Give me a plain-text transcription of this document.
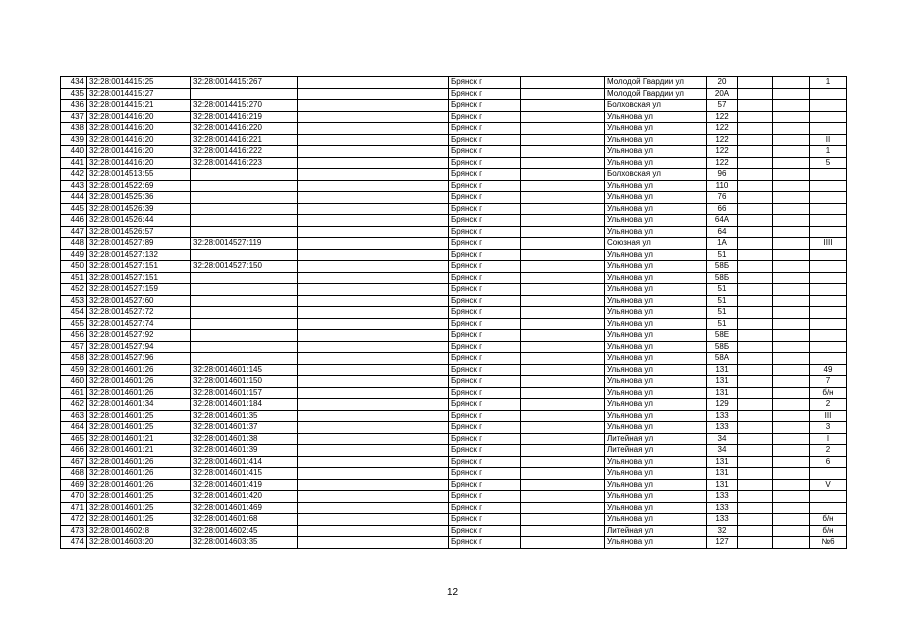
434	32:28:0014415:25	32:28:0014415:267		Брянск г		Молодой Гвардии ул	20			1
435	32:28:0014415:27			Брянск г		Молодой Гвардии ул	20А			
436	32:28:0014415:21	32:28:0014415:270		Брянск г		Болховская ул	57			
437	32:28:0014416:20	32:28:0014416:219		Брянск г		Ульянова ул	122			
438	32:28:0014416:20	32:28:0014416:220		Брянск г		Ульянова ул	122			
439	32:28:0014416:20	32:28:0014416:221		Брянск г		Ульянова ул	122			II
440	32:28:0014416:20	32:28:0014416:222		Брянск г		Ульянова ул	122			1
441	32:28:0014416:20	32:28:0014416:223		Брянск г		Ульянова ул	122			5
442	32:28:0014513:55			Брянск г		Болховская ул	96			
443	32:28:0014522:69			Брянск г		Ульянова ул	110			
444	32:28:0014525:36			Брянск г		Ульянова ул	76			
445	32:28:0014526:39			Брянск г		Ульянова ул	66			
446	32:28:0014526:44			Брянск г		Ульянова ул	64А			
447	32:28:0014526:57			Брянск г		Ульянова ул	64			
448	32:28:0014527:89	32:28:0014527:119		Брянск г		Союзная ул	1А			IIII
449	32:28:0014527:132			Брянск г		Ульянова ул	51			
450	32:28:0014527:151	32:28:0014527:150		Брянск г		Ульянова ул	58Б			
451	32:28:0014527:151			Брянск г		Ульянова ул	58Б			
452	32:28:0014527:159			Брянск г		Ульянова ул	51			
453	32:28:0014527:60			Брянск г		Ульянова ул	51			
454	32:28:0014527:72			Брянск г		Ульянова ул	51			
455	32:28:0014527:74			Брянск г		Ульянова ул	51			
456	32:28:0014527:92			Брянск г		Ульянова ул	58Е			
457	32:28:0014527:94			Брянск г		Ульянова ул	58Б			
458	32:28:0014527:96			Брянск г		Ульянова ул	58А			
459	32:28:0014601:26	32:28:0014601:145		Брянск г		Ульянова ул	131			49
460	32:28:0014601:26	32:28:0014601:150		Брянск г		Ульянова ул	131			7
461	32:28:0014601:26	32:28:0014601:157		Брянск г		Ульянова ул	131			б/н
462	32:28:0014601:34	32:28:0014601:184		Брянск г		Ульянова ул	129			2
463	32:28:0014601:25	32:28:0014601:35		Брянск г		Ульянова ул	133			III
464	32:28:0014601:25	32:28:0014601:37		Брянск г		Ульянова ул	133			3
465	32:28:0014601:21	32:28:0014601:38		Брянск г		Литейная ул	34			I
466	32:28:0014601:21	32:28:0014601:39		Брянск г		Литейная ул	34			2
467	32:28:0014601:26	32:28:0014601:414		Брянск г		Ульянова ул	131			6
468	32:28:0014601:26	32:28:0014601:415		Брянск г		Ульянова ул	131			
469	32:28:0014601:26	32:28:0014601:419		Брянск г		Ульянова ул	131			V
470	32:28:0014601:25	32:28:0014601:420		Брянск г		Ульянова ул	133			
471	32:28:0014601:25	32:28:0014601:469		Брянск г		Ульянова ул	133			
472	32:28:0014601:25	32:28:0014601:68		Брянск г		Ульянова ул	133			б/н
473	32:28:0014602:8	32:28:0014602:45		Брянск г		Литейная ул	32			б/н
474	32:28:0014603:20	32:28:0014603:35		Брянск г		Ульянова ул	127			№6
12
